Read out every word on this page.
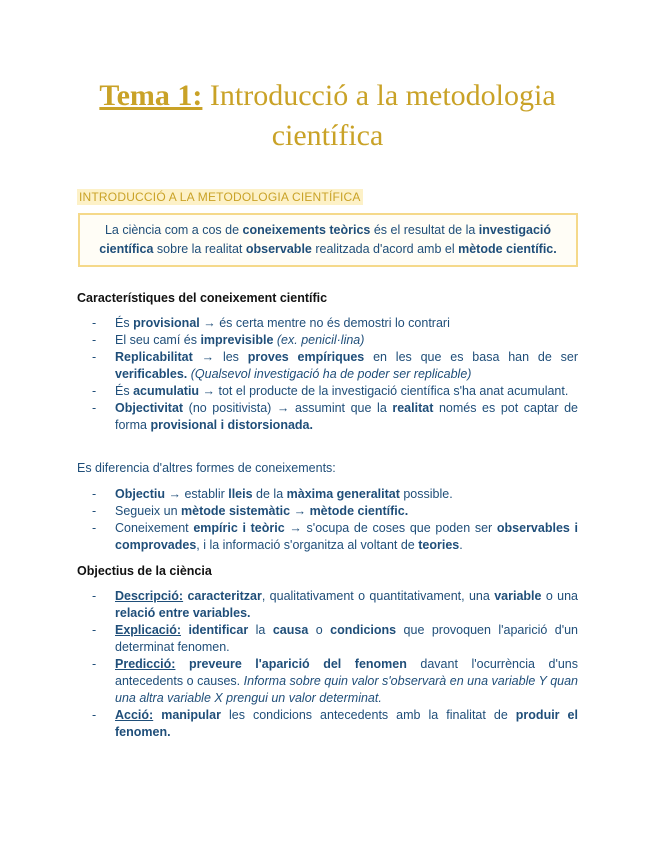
Tema 1: Introducció a la metodologia científica
INTRODUCCIÓ A LA METODOLOGIA CIENTÍFICA
La ciència com a cos de coneixements teòrics és el resultat de la investigació científica sobre la realitat observable realitzada d'acord amb el mètode científic.
Característiques del coneixement científic
- És provisional → és certa mentre no és demostri lo contrari
- El seu camí és imprevisible (ex. penicil·lina)
- Replicabilitat → les proves empíriques en les que es basa han de ser verificables. (Qualsevol investigació ha de poder ser replicable)
- És acumulatiu → tot el producte de la investigació científica s'ha anat acumulant.
- Objectivitat (no positivista) → assumint que la realitat només es pot captar de forma provisional i distorsionada.
Es diferencia d'altres formes de coneixements:
- Objectiu → establir lleis de la màxima generalitat possible.
- Segueix un mètode sistemàtic → mètode científic.
- Coneixement empíric i teòric → s'ocupa de coses que poden ser observables i comprovades, i la informació s'organitza al voltant de teories.
Objectius de la ciència
- Descripció: caracteritzar, qualitativament o quantitativament, una variable o una relació entre variables.
- Explicació: identificar la causa o condicions que provoquen l'aparició d'un determinat fenomen.
- Predicció: preveure l'aparició del fenomen davant l'ocurrència d'uns antecedents o causes. Informa sobre quin valor s'observarà en una variable Y quan una altra variable X prengui un valor determinat.
- Acció: manipular les condicions antecedents amb la finalitat de produir el fenomen.
